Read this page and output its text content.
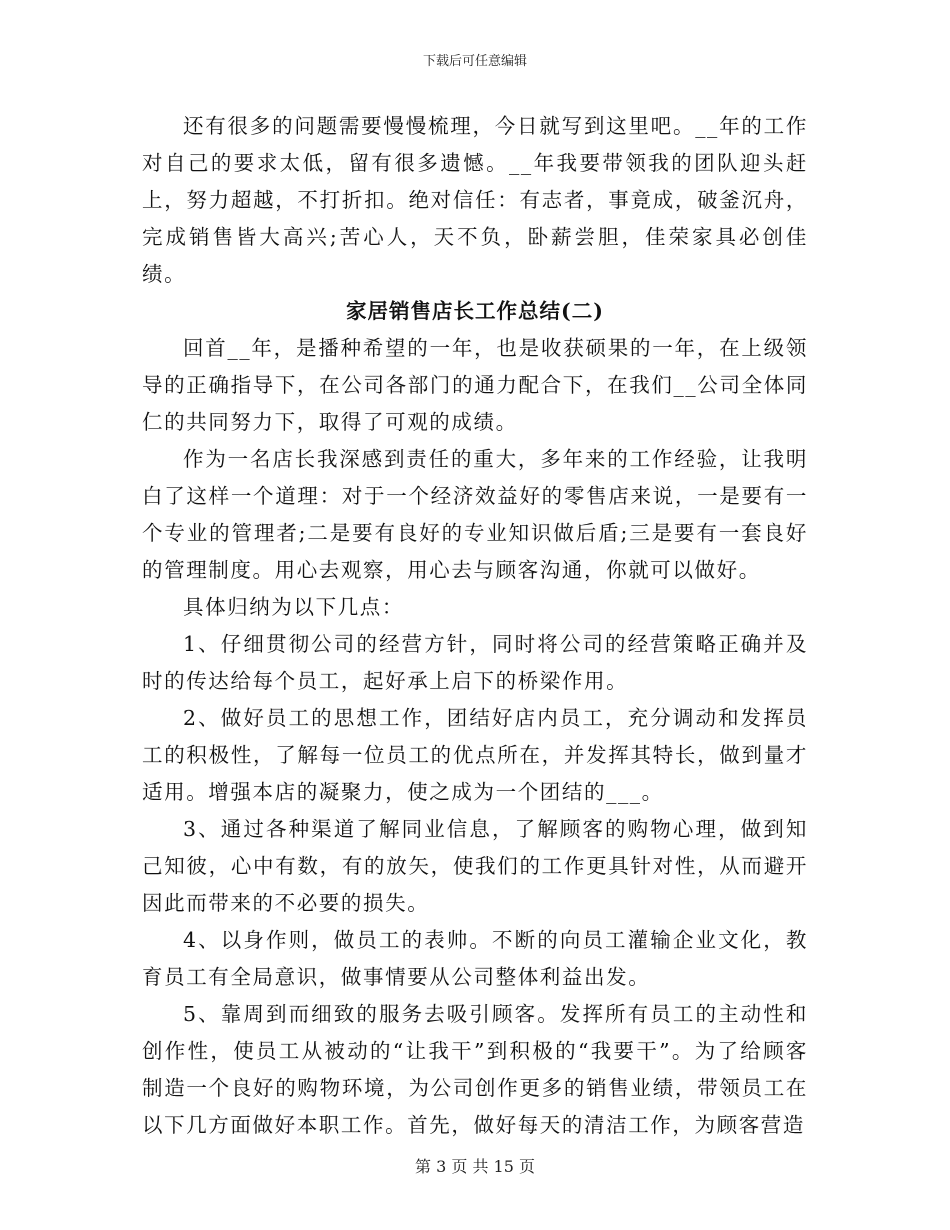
下载后可任意编辑

还有很多的问题需要慢慢梳理，今日就写到这里吧。__年的工作对自己的要求太低，留有很多遗憾。__年我要带领我的团队迎头赶上，努力超越，不打折扣。绝对信任：有志者，事竟成，破釜沉舟，完成销售皆大高兴;苦心人，天不负，卧薪尝胆，佳荣家具必创佳绩。

家居销售店长工作总结(二)

回首__年，是播种希望的一年，也是收获硕果的一年，在上级领导的正确指导下，在公司各部门的通力配合下，在我们__公司全体同仁的共同努力下，取得了可观的成绩。

作为一名店长我深感到责任的重大，多年来的工作经验，让我明白了这样一个道理：对于一个经济效益好的零售店来说，一是要有一个专业的管理者;二是要有良好的专业知识做后盾;三是要有一套良好的管理制度。用心去观察，用心去与顾客沟通，你就可以做好。

具体归纳为以下几点：

1、仔细贯彻公司的经营方针，同时将公司的经营策略正确并及时的传达给每个员工，起好承上启下的桥梁作用。

2、做好员工的思想工作，团结好店内员工，充分调动和发挥员工的积极性，了解每一位员工的优点所在，并发挥其特长，做到量才适用。增强本店的凝聚力，使之成为一个团结的___。

3、通过各种渠道了解同业信息，了解顾客的购物心理，做到知己知彼，心中有数，有的放矢，使我们的工作更具针对性，从而避开因此而带来的不必要的损失。

4、以身作则，做员工的表帅。不断的向员工灌输企业文化，教育员工有全局意识，做事情要从公司整体利益出发。

5、靠周到而细致的服务去吸引顾客。发挥所有员工的主动性和创作性，使员工从被动的“让我干”到积极的“我要干”。为了给顾客制造一个良好的购物环境，为公司创作更多的销售业绩，带领员工在以下几方面做好本职工作。首先，做好每天的清洁工作，为顾客营造

第 3 页 共 15 页
